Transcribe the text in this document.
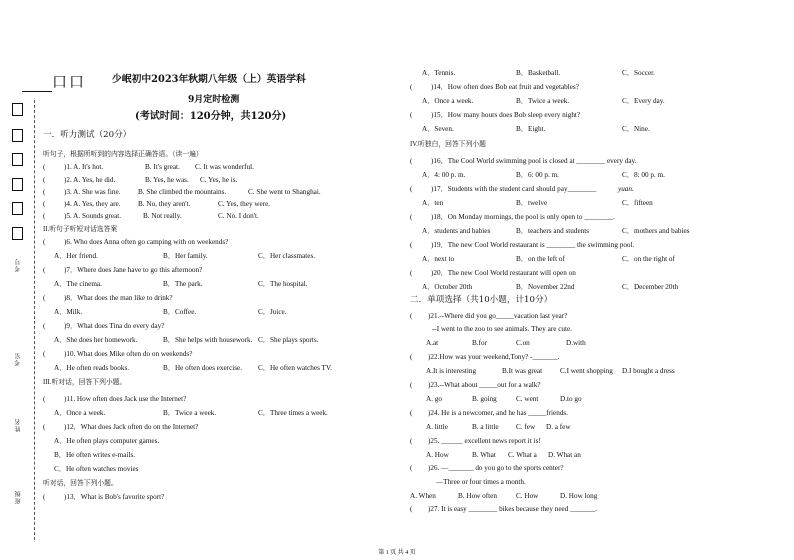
口口
考号
考室
姓名
班级
少岷初中2023年秋期八年级（上）英语学科
9月定时检测
(考试时间：120分钟，共120分)
一．听力测试（20分）
听句子，根据所听到的内容选择正确答语。（读一遍）
(	)1. A. It's hot.	B. It's great. C. It was wonderful.
(	)2. A. Yes, he did.	B. Yes, he was. C. Yes, he is.
(	)3. A. She was fine. B. She climbed the mountains.	C. She went to Shanghai.
(	)4. A. Yes, they are. B. No, they aren't.	C. Yes, they were.
(	)5. A. Sounds great.	B. Not really.	C. No. I don't.
II.听句子听短对话选答案
(	)6. Who does Anna often go camping with on weekends?
A．Her friend.	B．Her family.	C．Her classmates.
(	)7．Where does Jane have to go this afternoon?
A．The cinema.	B．The park.	C．The hospital.
(	)8．What does the man like to drink?
A．Milk.	B．Coffee.	C．Juice.
(	)9．What does Tina do every day?
A．She does her homework.	B．She helps with housework. C．She plays sports.
(	)10. What does Mike often do on weekends?
A．He often reads books.	B．He often does exercise. C．He often watches TV.
III.听对话，回答下列小题。
(	)11. How often does Jack use the Internet?
A．Once a week.	B．Twice a week.	C．Three times a week.
(	)12．What does Jack often do on the Internet?
A．He often plays computer games.
B．He often writes e-mails.
C．He often watches movies
听对话，回答下列小题。
(	)13．What is Bob's favorite sport?
A．Tennis.	B．Basketball.	C．Soccer.
(	)14．How often does Bob eat fruit and vegetables?
A．Once a week.	B．Twice a week.	C．Every day.
(	)15．How many hours does Bob sleep every night?
A．Seven.	B．Eight.	C．Nine.
IV.听独白，回答下列小题
(	)16．The Cool World swimming pool is closed at ________ every day.
A．4: 00 p. m.	B．6: 00 p. m.	C．8: 00 p. m.
(	)17．Students with the student card should pay________	yuan.
A．ten	B．twelve	C．fifteen
(	)18．On Monday mornings, the pool is only open to ________.
A．students and babies	B．teachers and students	C．mothers and babies
(	)19．The new Cool World restaurant is ________ the swimming pool.
A．next to	B．on the left of	C．on the right of
(	)20．The new Cool World restaurant will open on
A．October 20th	B．November 22nd	C．December 20th
二．单项选择（共10小题，计10分）
( )21.--Where did you go_____vacation last year?
--I went to the zoo to see animals. They are cute.
A.at	B.for	C.on	D.with
( )22.How was your weekend,Tony? -_______.
A.It is interesting	B.It was great C.I went shopping D.I bought a dress
( )23.--What about _____out for a walk?
A. go	B. going	C. went	D.to go
( )24. He is a newcomer, and he has _____friends.
A. little	B. a little C. few D. a few
( )25. ______ excellent news report it is!
A. How	B. What C. What a D. What an
( )26. —_______ do you go to the sports center?
—Three or four times a month.
A. When	B. How often	C. How	D. How long
( )27. It is easy ________ bikes because they need _______.
第 1 页 共 4 页
